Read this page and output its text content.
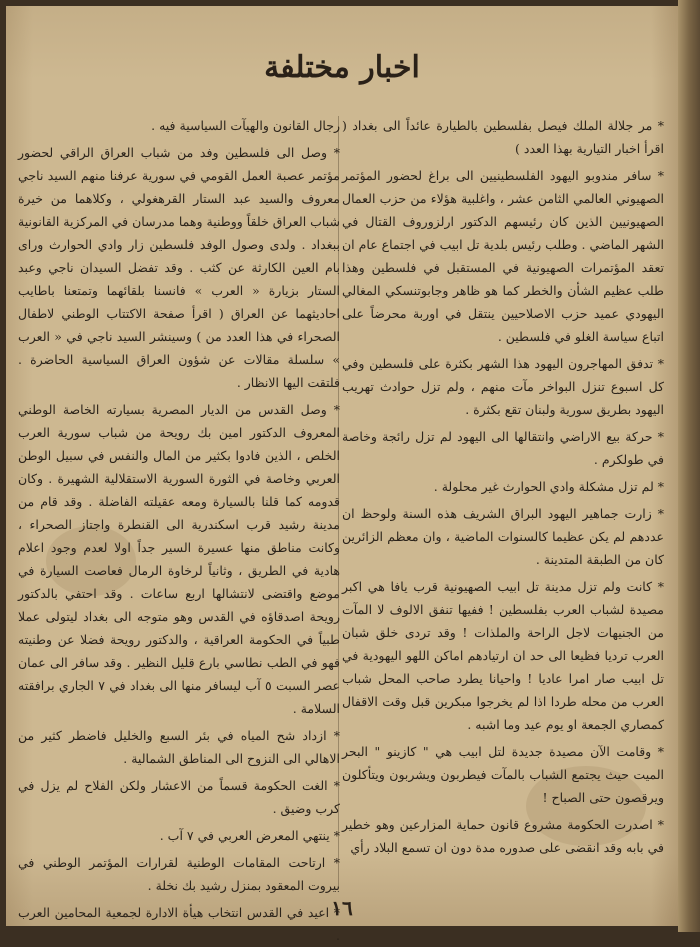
اخبار مختلفة

* مر جلالة الملك فيصل بفلسطين بالطيارة عائداً الى بغداد ( اقرأ اخبار التيارية بهذا العدد )

* سافر مندوبو اليهود الفلسطينيين الى براغ لحضور المؤتمر الصهيوني العالمي الثامن عشر ، واغلبية هؤلاء من حزب العمال الصهيونيين الذين كان رئيسهم الدكتور ارلزوروف القتال في الشهر الماضي . وطلب رئيس بلدية تل ابيب في اجتماع عام ان تعقد المؤتمرات الصهيونية في المستقبل في فلسطين وهذا طلب عظيم الشأن والخطر كما هو ظاهر وجابوتنسكي المغالي اليهودي عميد حزب الاصلاحيين ينتقل في اوربة محرضاً على اتباع سياسة الغلو في فلسطين .

* تدفق المهاجرون اليهود هذا الشهر بكثرة على فلسطين وفي كل اسبوع تنزل البواخر مآت منهم ، ولم تزل حوادث تهريب اليهود بطريق سورية ولبنان تقع بكثرة .

* حركة بيع الاراضي وانتقالها الى اليهود لم تزل رائجة وخاصة في طولكرم .

* لم تزل مشكلة وادي الحوارث غير محلولة .

* زارت جماهير اليهود البراق الشريف هذه السنة ولوحظ ان عددهم لم يكن عظيما كالسنوات الماضية ، وان معظم الزائرين كان من الطبقة المتدينة .

* كانت ولم تزل مدينة تل ابيب الصهيونية قرب يافا هي اكبر مصيدة لشباب العرب بفلسطين ! ففيها تنفق الالوف لا المآت من الجنيهات لاجل الراحة والملذات ! وقد تردى خلق شبان العرب ترديا فظيعا الى حد ان ارتيادهم اماكن اللهو اليهودية في تل ابيب صار امرا عاديا ! واحيانا يطرد صاحب المحل شباب العرب من محله طردا اذا لم يخرجوا مبكرين قبل وقت الاقفال كمصاري الجمعة او يوم عيد وما اشبه .

* وقامت الآن مصيدة جديدة لتل ابيب هي " كازينو " البحر الميت حيث يجتمع الشباب بالمآت فيطربون ويشربون ويتأكلون ويرقصون حتى الصباح !

* اصدرت الحكومة مشروع قانون حماية المزارعين وهو خطير في بابه وقد انقضى على صدوره مدة دون ان تسمع البلاد رأي

رجال القانون والهيآت السياسية فيه .

* وصل الى فلسطين وفد من شباب العراق الراقي لحضور مؤتمر عصبة العمل القومي في سورية عرفنا منهم السيد ناجي معروف والسيد عبد الستار القرهغولي ، وكلاهما من خيرة شباب العراق خلقاً ووطنية وهما مدرسان في المركزية القانونية ببغداد . ولدى وصول الوفد فلسطين زار وادي الحوارث وراى بام العين الكارثة عن كثب . وقد تفضل السيدان ناجي وعبد الستار بزيارة « العرب » فانسنا بلقائهما وتمتعنا باطايب احاديثهما عن العراق ( اقرأ صفحة الاكتتاب الوطني لاطفال الصحراء في هذا العدد من ) وسينشر السيد ناجي في « العرب » سلسلة مقالات عن شؤون العراق السياسية الحاضرة . فلتقت اليها الانظار .

* وصل القدس من الديار المصرية بسيارته الخاصة الوطني المعروف الدكتور امين بك رويحة من شباب سورية العرب الخلص ، الذين فادوا بكثير من المال والنفس في سبيل الوطن العربي وخاصة في الثورة السورية الاستقلالية الشهيرة . وكان قدومه كما قلنا بالسيارة ومعه عقيلته الفاضلة . وقد قام من مدينة رشيد قرب اسكندرية الى القنطرة واجتاز الصحراء ، وكانت مناطق منها عسيرة السير جداً اولا لعدم وجود اعلام هادية في الطريق ، وثانياً لرخاوة الرمال فعاصت السيارة في موضع واقتضى لانتشالها اربع ساعات . وقد احتفي بالدكتور رويحة اصدقاؤه في القدس وهو متوجه الى بغداد ليتولى عملا طبياً في الحكومة العراقية ، والدكتور رويحة فضلا عن وطنيته فهو في الطب نطاسي بارع قليل النظير . وقد سافر الى عمان عصر السبت ٥ آب ليسافر منها الى بغداد في ٧ الجاري برافقته السلامة .

* ازداد شح المياه في بئر السبع والخليل فاضطر كثير من الاهالي الى النزوح الى المناطق الشمالية .

* الغت الحكومة قسماً من الاعشار ولكن الفلاح لم يزل في كرب وضيق .

* ينتهي المعرض العربي في ٧ آب .

* ارتاحت المقامات الوطنية لقرارات المؤتمر الوطني في بيروت المعقود بمنزل رشيد بك نخلة .

* اعيد في القدس انتخاب هيأة الادارة لجمعية المحامين العرب .

١٦
